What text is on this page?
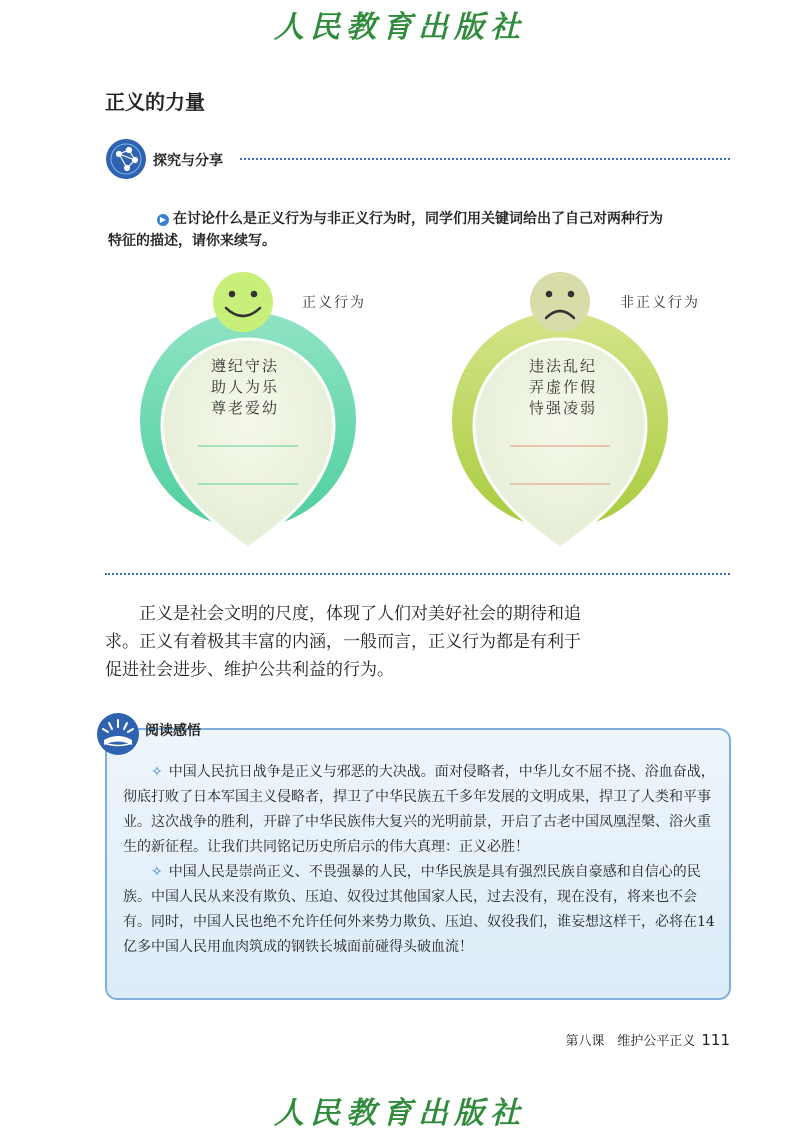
人民教育出版社
正义的力量
探究与分享
▶ 在讨论什么是正义行为与非正义行为时，同学们用关键词给出了自己对两种行为
特征的描述，请你来续写。
正义行为	非正义行为
遵纪守法
助人为乐
尊老爱幼
违法乱纪
弄虚作假
恃强凌弱

正义是社会文明的尺度，体现了人们对美好社会的期待和追求。正义有着极其丰富的内涵，一般而言，正义行为都是有利于促进社会进步、维护公共利益的行为。

✧ 中国人民抗日战争是正义与邪恶的大决战。面对侵略者，中华儿女不屈不挠、浴血奋战，彻底打败了日本军国主义侵略者，捍卫了中华民族五千多年发展的文明成果，捍卫了人类和平事业。这次战争的胜利，开辟了中华民族伟大复兴的光明前景，开启了古老中国凤凰涅槃、浴火重生的新征程。让我们共同铭记历史所启示的伟大真理：正义必胜！

✧ 中国人民是崇尚正义、不畏强暴的人民，中华民族是具有强烈民族自豪感和自信心的民族。中国人民从来没有欺负、压迫、奴役过其他国家人民，过去没有，现在没有，将来也不会有。同时，中国人民也绝不允许任何外来势力欺负、压迫、奴役我们，谁妄想这样干，必将在14亿多中国人民用血肉筑成的钢铁长城面前碰得头破血流！

阅读感悟
第八课　维护公平正义 111
人民教育出版社
